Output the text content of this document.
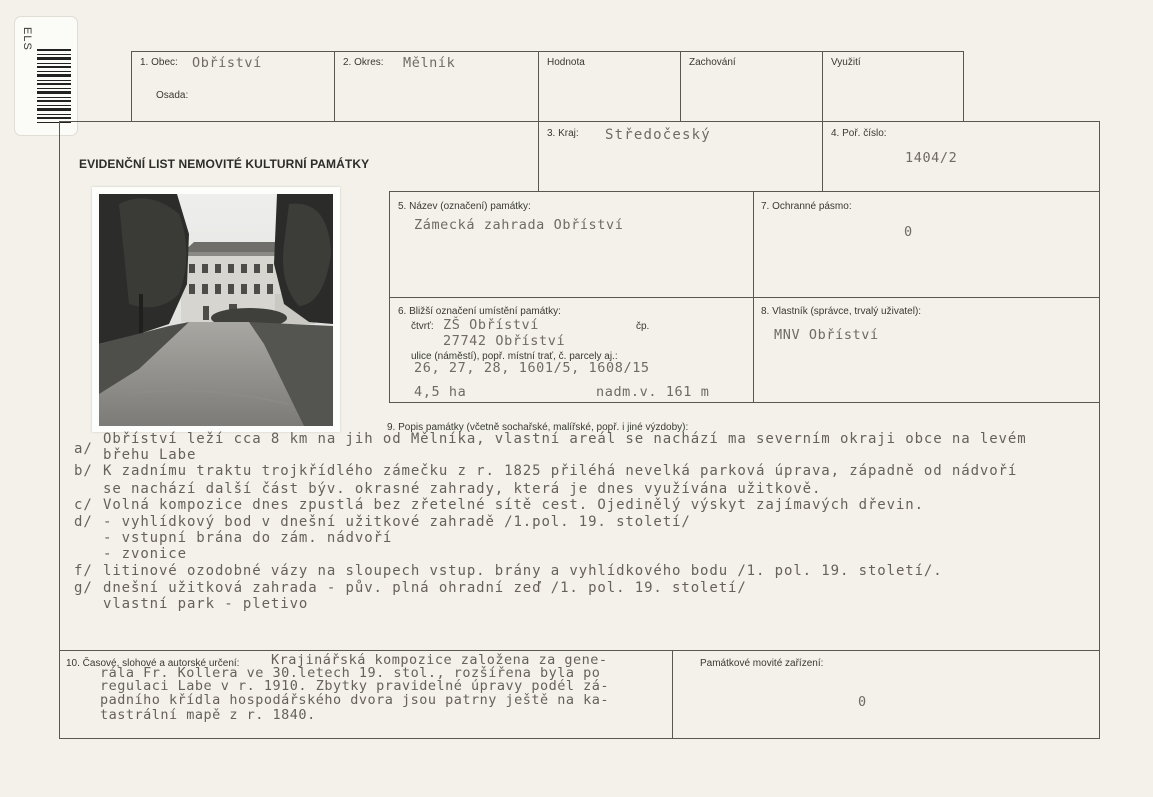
ELS
1. Obec: Obříství
Osada:
2. Okres: Mělník	Hodnota	Zachování	Využití
EVIDENČNÍ LIST NEMOVITÉ KULTURNÍ PAMÁTKY
3. Kraj: Středočeský	4. Poř. číslo:
1404/2
5. Název (označení) památky:
Zámecká zahrada Obříství
7. Ochranné pásmo:
0
6. Bližší označení umístění památky:
čtvrť: ZŠ Obříství	čp.
27742 Obříství
ulice (náměstí), popř. místní trať, č. parcely aj.:
26, 27, 28, 1601/5, 1608/15
4,5 ha	nadm.v. 161 m
8. Vlastník (správce, trvalý uživatel):
MNV Obříství
9. Popis památky (včetně sochařské, malířské, popř. i jiné výzdoby):
a/
Obříství leží cca 8 km na jih od Mělníka, vlastní areál se nachází ma severním okraji obce na levém
břehu Labe
b/ K zadnímu traktu trojkřídlého zámečku z r. 1825 přiléhá nevelká parková úprava, západně od nádvoří
se nachází další část býv. okrasné zahrady, která je dnes využívána užitkově.
c/ Volná kompozice dnes zpustlá bez zřetelné sítě cest. Ojedinělý výskyt zajímavých dřevin.
d/ - vyhlídkový bod v dnešní užitkové zahradě /1.pol. 19. století/
- vstupní brána do zám. nádvoří
- zvonice
f/ litinové ozodobné vázy na sloupech vstup. brány a vyhlídkového bodu /1. pol. 19. století/.
g/ dnešní užitková zahrada - pův. plná ohradní zeď /1. pol. 19. století/
vlastní park - pletivo
10. Časové, slohové a autorské určení: Krajinářská kompozice založena za gene-
rála Fr. Kollera ve 30.letech 19. stol., rozšířena byla po
regulaci Labe v r. 1910. Zbytky pravidelné úpravy podél zá-
padního křídla hospodářského dvora jsou patrny ještě na ka-
tastrální mapě z r. 1840.
Památkové movité zařízení:
0
